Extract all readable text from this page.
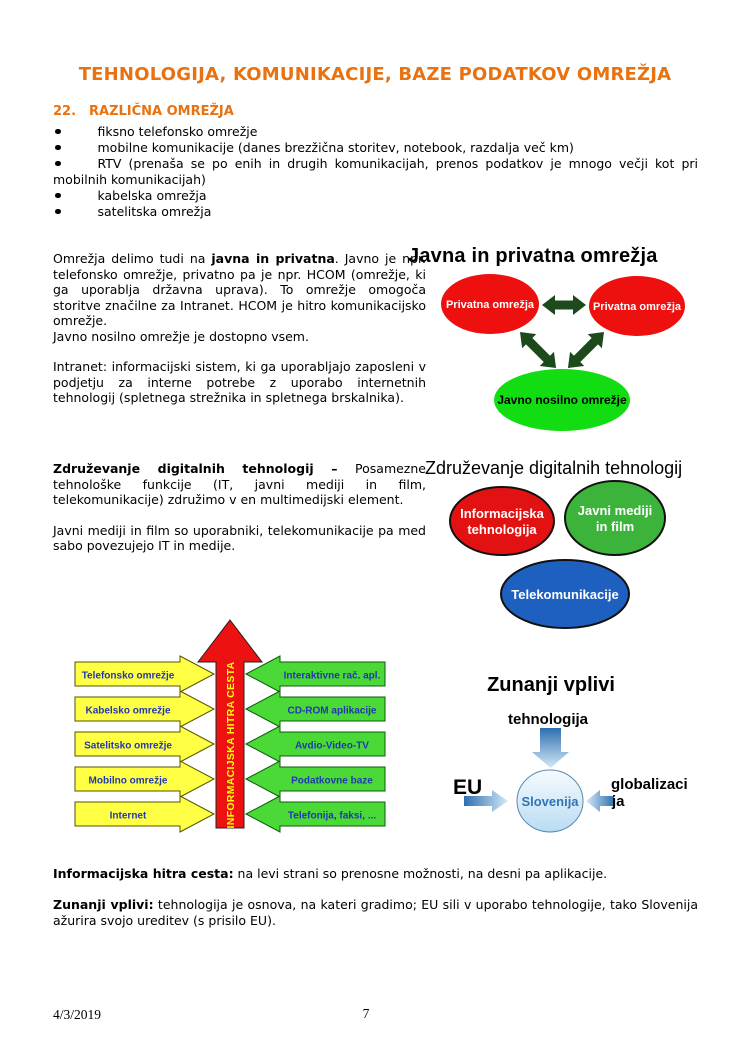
TEHNOLOGIJA, KOMUNIKACIJE, BAZE PODATKOV OMREŽJA
22. RAZLIČNA OMREŽJA
fiksno telefonsko omrežje
mobilne komunikacije (danes brezžična storitev, notebook, razdalja več km)
RTV (prenaša se po enih in drugih komunikacijah, prenos podatkov je mnogo večji kot pri mobilnih komunikacijah)
kabelska omrežja
satelitska omrežja

Omrežja delimo tudi na javna in privatna. Javno je npr. telefonsko omrežje, privatno pa je npr. HCOM (omrežje, ki ga uporablja državna uprava). To omrežje omogoča storitve značilne za Intranet. HCOM je hitro komunikacijsko omrežje.

Javno nosilno omrežje je dostopno vsem.

Intranet: informacijski sistem, ki ga uporabljajo zaposleni v podjetju za interne potrebe z uporabo internetnih tehnologij (spletnega strežnika in spletnega brskalnika).

Javna in privatna omrežja
Privatna omrežja	Privatna omrežja
Javno nosilno omrežje

Združevanje digitalnih tehnologij – Posamezne tehnološke funkcije (IT, javni mediji in film, telekomunikacije) združimo v en multimedijski element.

Javni mediji in film so uporabniki, telekomunikacije pa med sabo povezujejo IT in medije.

Združevanje digitalnih tehnologij
Informacijska
tehnologija
Javni mediji
in film
Telekomunikacije
Telefonsko omrežje
Kabelsko omrežje
Satelitsko omrežje
Mobilno omrežje
Internet
Interaktivne rač. apl.
CD-ROM aplikacije
Avdio-Video-TV
Podatkovne baze
Telefonija, faksi, ...
INFORMACIJSKA HITRA CESTA	Zunanji vplivi
tehnologija
EU
Slovenija
globalizaci
ja

Informacijska hitra cesta: na levi strani so prenosne možnosti, na desni pa aplikacije.

Zunanji vplivi: tehnologija je osnova, na kateri gradimo; EU sili v uporabo tehnologije, tako Slovenija ažurira svojo ureditev (s prisilo EU).

4/3/2019	7
